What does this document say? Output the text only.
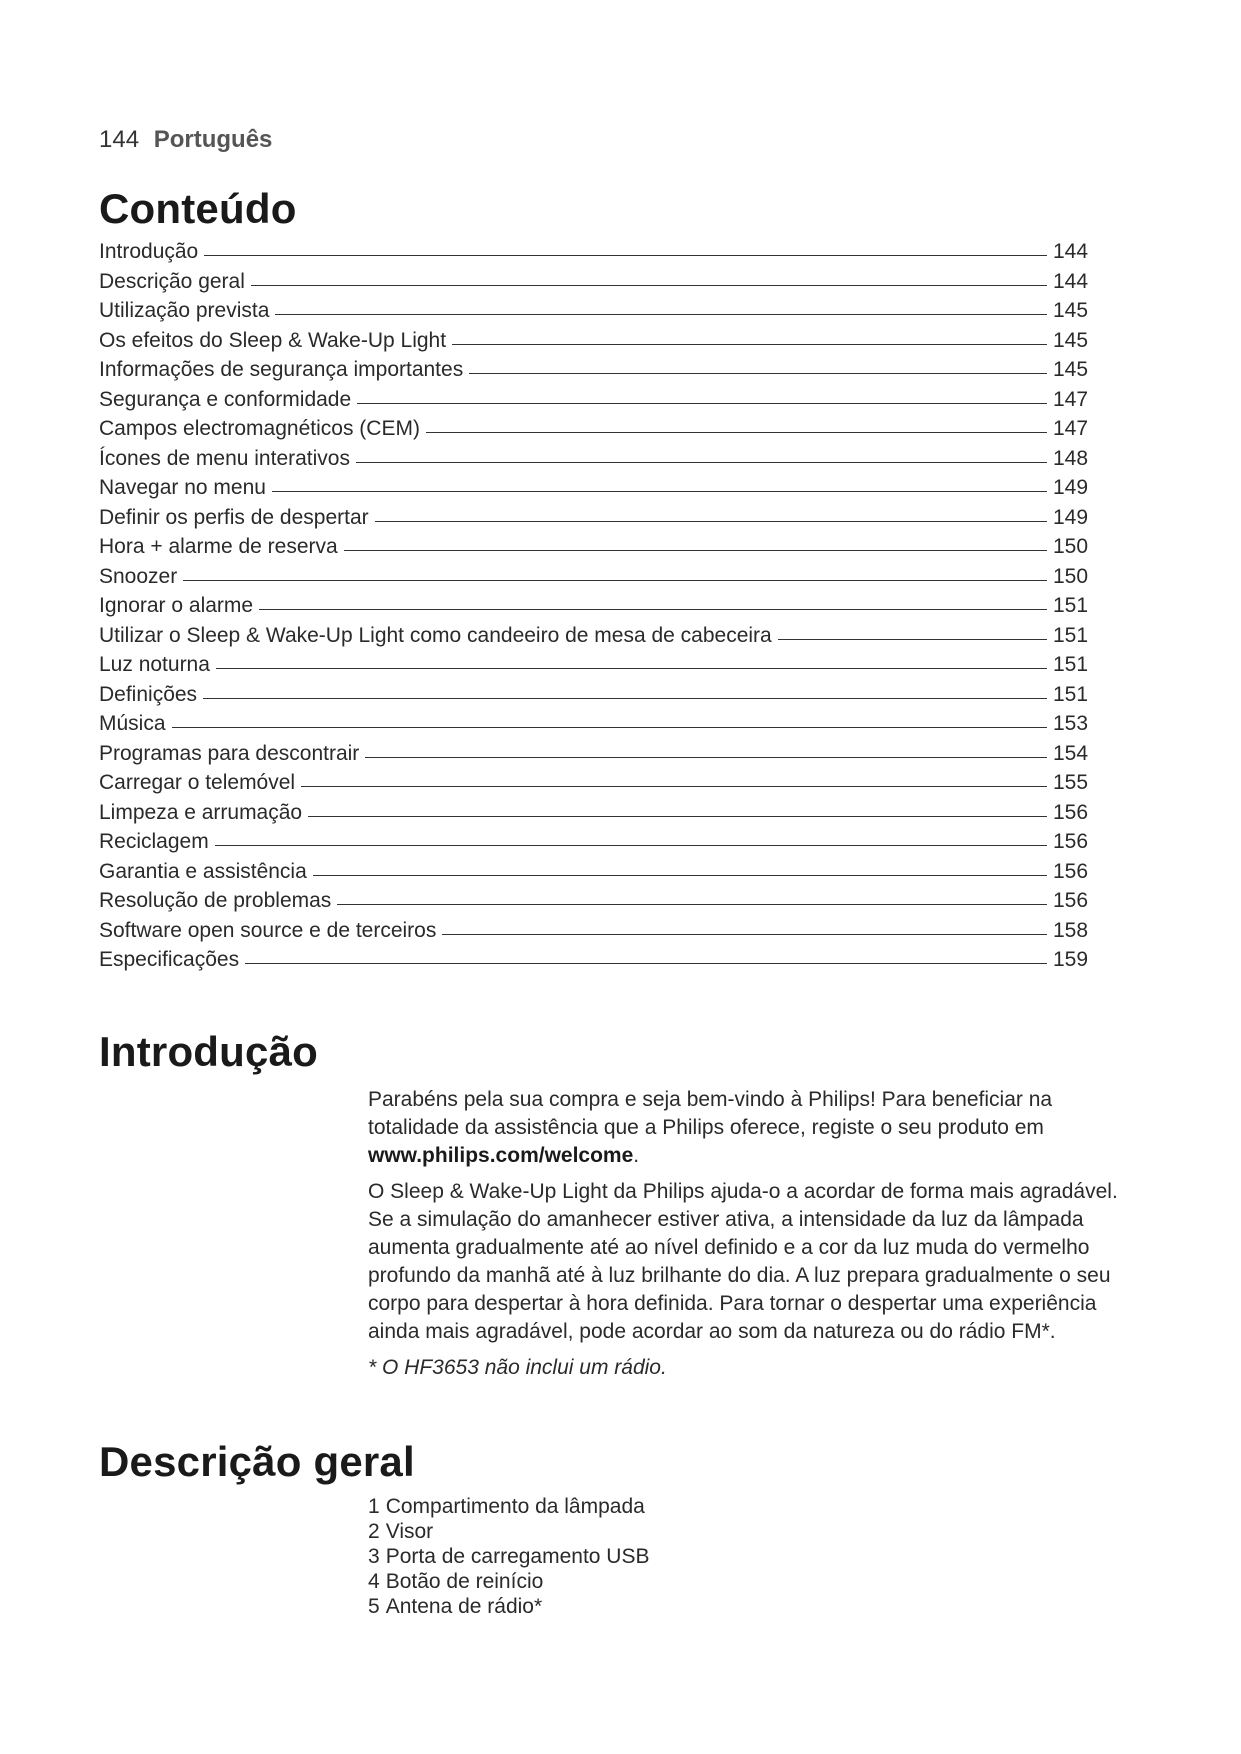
144 Português
Conteúdo
Introdução	144
Descrição geral	144
Utilização prevista	145
Os efeitos do Sleep & Wake-Up Light	145
Informações de segurança importantes	145
Segurança e conformidade	147
Campos electromagnéticos (CEM)	147
Ícones de menu interativos	148
Navegar no menu	149
Definir os perfis de despertar	149
Hora + alarme de reserva	150
Snoozer	150
Ignorar o alarme	151
Utilizar o Sleep & Wake-Up Light como candeeiro de mesa de cabeceira	151
Luz noturna	151
Definições	151
Música	153
Programas para descontrair	154
Carregar o telemóvel	155
Limpeza e arrumação	156
Reciclagem	156
Garantia e assistência	156
Resolução de problemas	156
Software open source e de terceiros	158
Especificações	159
Introdução

Parabéns pela sua compra e seja bem-vindo à Philips! Para beneficiar na totalidade da assistência que a Philips oferece, registe o seu produto em www.philips.com/welcome.

O Sleep & Wake-Up Light da Philips ajuda-o a acordar de forma mais agradável. Se a simulação do amanhecer estiver ativa, a intensidade da luz da lâmpada aumenta gradualmente até ao nível definido e a cor da luz muda do vermelho profundo da manhã até à luz brilhante do dia. A luz prepara gradualmente o seu corpo para despertar à hora definida. Para tornar o despertar uma experiência ainda mais agradável, pode acordar ao som da natureza ou do rádio FM*.

* O HF3653 não inclui um rádio.

Descrição geral
1 Compartimento da lâmpada
2 Visor
3 Porta de carregamento USB
4 Botão de reinício
5 Antena de rádio*
